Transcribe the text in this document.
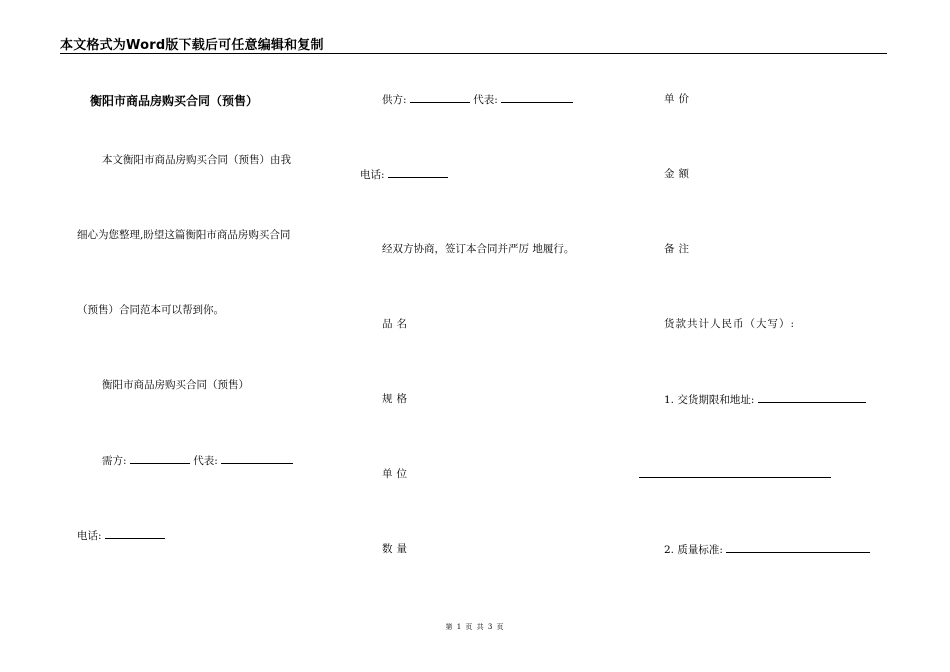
本文格式为Word版下载后可任意编辑和复制
衡阳市商品房购买合同（预售）
本文衡阳市商品房购买合同（预售）由我
细心为您整理,盼望这篇衡阳市商品房购买合同
（预售）合同范本可以帮到你。
衡阳市商品房购买合同（预售）
需方:	代表:
电话:
供方:	代表:
电话:
经双方协商，签订本合同并严厉 地履行。
品名
规格
单位
数量
单价
金额
备注
货款共计人民币（大写）:
1. 交货期限和地址:
2. 质量标准:
第 1 页 共 3 页
